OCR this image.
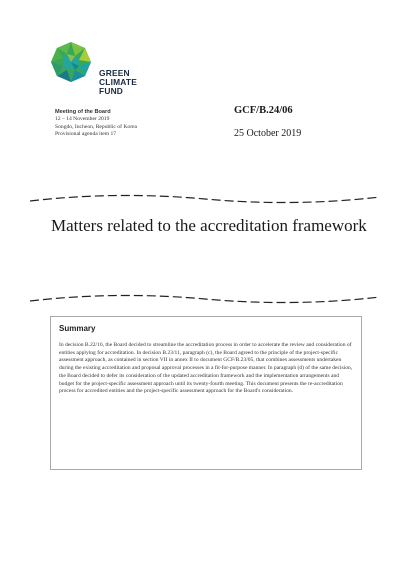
GREEN
CLIMATE
FUND
Meeting of the Board
12 – 14 November 2019
Songdo, Incheon, Republic of Korea
Provisional agenda item 17
GCF/B.24/06
25 October 2019
Matters related to the accreditation framework
Summary
In decision B.22/16, the Board decided to streamline the accreditation process in order to accelerate the review and consideration of entities applying for accreditation. In decision B.23/11, paragraph (c), the Board agreed to the principle of the project-specific assessment approach, as contained in section VII in annex II to document GCF/B.23/05, that combines assessments undertaken during the existing accreditation and proposal approval processes in a fit-for-purpose manner. In paragraph (d) of the same decision, the Board decided to defer its consideration of the updated accreditation framework and the implementation arrangements and budget for the project-specific assessment approach until its twenty-fourth meeting. This document presents the re-accreditation process for accredited entities and the project-specific assessment approach for the Board's consideration.
